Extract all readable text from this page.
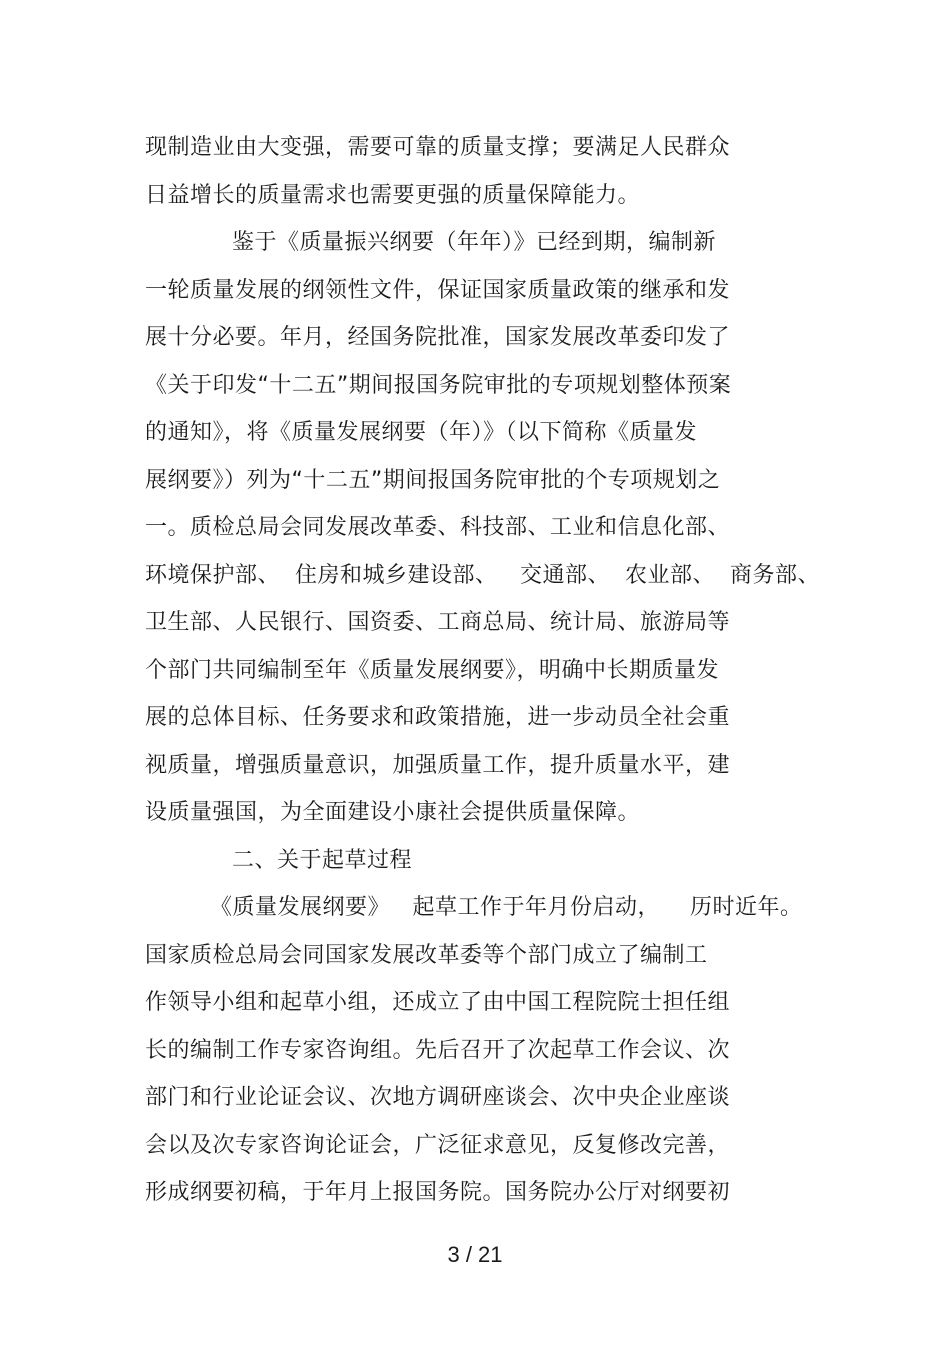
现制造业由大变强，需要可靠的质量支撑；要满足人民群众
日益增长的质量需求也需要更强的质量保障能力。
鉴于《质量振兴纲要（年年）》已经到期，编制新
一轮质量发展的纲领性文件，保证国家质量政策的继承和发
展十分必要。年月，经国务院批准，国家发展改革委印发了
《关于印发“十二五”期间报国务院审批的专项规划整体预案
的通知》，将《质量发展纲要（年）》（以下简称《质量发
展纲要》）列为“十二五”期间报国务院审批的个专项规划之
一。质检总局会同发展改革委、科技部、工业和信息化部、
环境保护部、  住房和城乡建设部、   交通部、  农业部、  商务部、
卫生部、人民银行、国资委、工商总局、统计局、旅游局等
个部门共同编制至年《质量发展纲要》，明确中长期质量发
展的总体目标、任务要求和政策措施，进一步动员全社会重
视质量，增强质量意识，加强质量工作，提升质量水平，建
设质量强国，为全面建设小康社会提供质量保障。
二、关于起草过程
《质量发展纲要》   起草工作于年月份启动，    历时近年。
国家质检总局会同国家发展改革委等个部门成立了编制工
作领导小组和起草小组，还成立了由中国工程院院士担任组
长的编制工作专家咨询组。先后召开了次起草工作会议、次
部门和行业论证会议、次地方调研座谈会、次中央企业座谈
会以及次专家咨询论证会，广泛征求意见，反复修改完善，
形成纲要初稿，于年月上报国务院。国务院办公厅对纲要初
3 / 21
